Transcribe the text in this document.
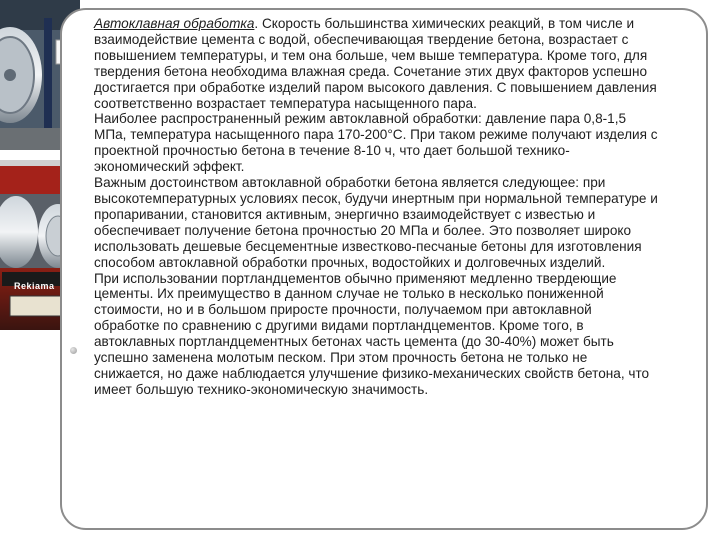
Rekiama

Автоклавная обработка. Скорость большинства химических реакций, в том числе и взаимодействие цемента с водой, обеспечивающая твердение бетона, возрастает с повышением температуры, и тем она больше, чем выше температура. Кроме того, для твердения бетона необходима влажная среда. Сочетание этих двух факторов успешно достигается при обработке изделий паром высокого давления. С повышением давления соответственно возрастает температура насыщенного пара.

Наиболее распространенный режим автоклавной обработки: давление пара 0,8-1,5 МПа, температура насыщенного пара 170-200°С. При таком режиме получают изделия с проектной прочностью бетона в течение 8-10 ч, что дает большой технико-экономический эффект.

Важным достоинством автоклавной обработки бетона является следующее: при высокотемпературных условиях песок, будучи инертным при нормальной температуре и пропаривании, становится активным, энергично взаимодействует с известью и обеспечивает получение бетона прочностью 20 МПа и более. Это позволяет широко использовать дешевые бесцементные известково-песчаные бетоны для изготовления способом автоклавной обработки прочных, водостойких и долговечных изделий.

При использовании портландцементов обычно применяют медленно твердеющие цементы. Их преимущество в данном случае не только в несколько пониженной стоимости, но и в большом приросте прочности, получаемом при автоклавной обработке по сравнению с другими видами портландцементов. Кроме того, в автоклавных портландцементных бетонах часть цемента (до 30-40%) может быть успешно заменена молотым песком. При этом прочность бетона не только не снижается, но даже наблюдается улучшение физико-механических свойств бетона, что имеет большую технико-экономическую значимость.
